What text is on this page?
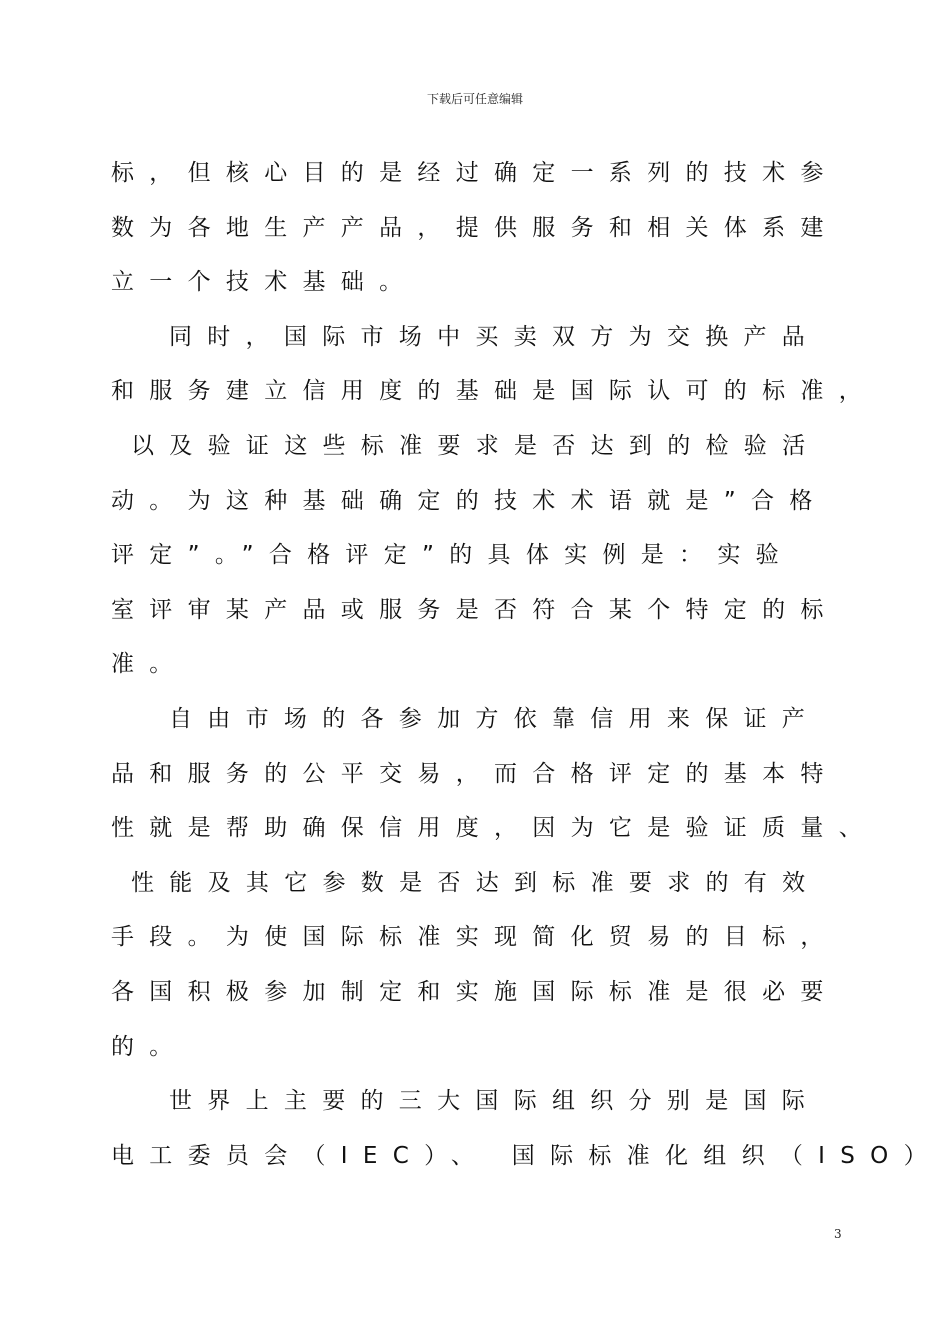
下载后可任意编辑
标，但核心目的是经过确定一系列的技术参
数为各地生产产品，提供服务和相关体系建
立一个技术基础。
同时，国际市场中买卖双方为交换产品
和服务建立信用度的基础是国际认可的标准，
以及验证这些标准要求是否达到的检验活
动。为这种基础确定的技术术语就是”合格
评定”。”合格评定”的具体实例是：实验
室评审某产品或服务是否符合某个特定的标
准。
自由市场的各参加方依靠信用来保证产
品和服务的公平交易，而合格评定的基本特
性就是帮助确保信用度，因为它是验证质量、
性能及其它参数是否达到标准要求的有效
手段。为使国际标准实现简化贸易的目标，
各国积极参加制定和实施国际标准是很必要
的。
世界上主要的三大国际组织分别是国际
电工委员会（IEC）、 国际标准化组织（ISO）
3
